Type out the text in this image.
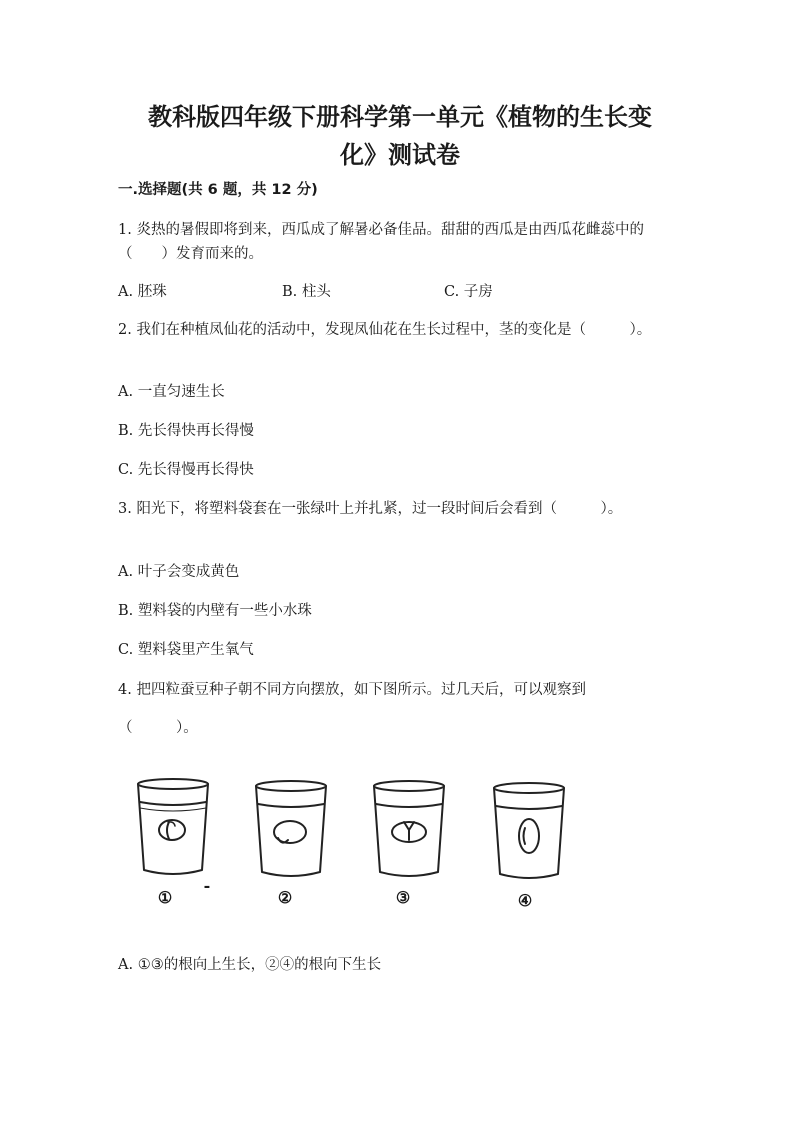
教科版四年级下册科学第一单元《植物的生长变
化》测试卷

一.选择题(共 6 题，共 12 分)

1. 炎热的暑假即将到来，西瓜成了解暑必备佳品。甜甜的西瓜是由西瓜花雌蕊中的（　　）发育而来的。

A. 胚珠	B. 柱头	C. 子房

2. 我们在种植凤仙花的活动中，发现凤仙花在生长过程中，茎的变化是（　　　）。

A. 一直匀速生长

B. 先长得快再长得慢

C. 先长得慢再长得快

3. 阳光下，将塑料袋套在一张绿叶上并扎紧，过一段时间后会看到（　　　）。

A. 叶子会变成黄色

B. 塑料袋的内壁有一些小水珠

C. 塑料袋里产生氧气

4. 把四粒蚕豆种子朝不同方向摆放，如下图所示。过几天后，可以观察到

（　　　）。

①
-
②	③	④

A. ①③的根向上生长，②④的根向下生长
